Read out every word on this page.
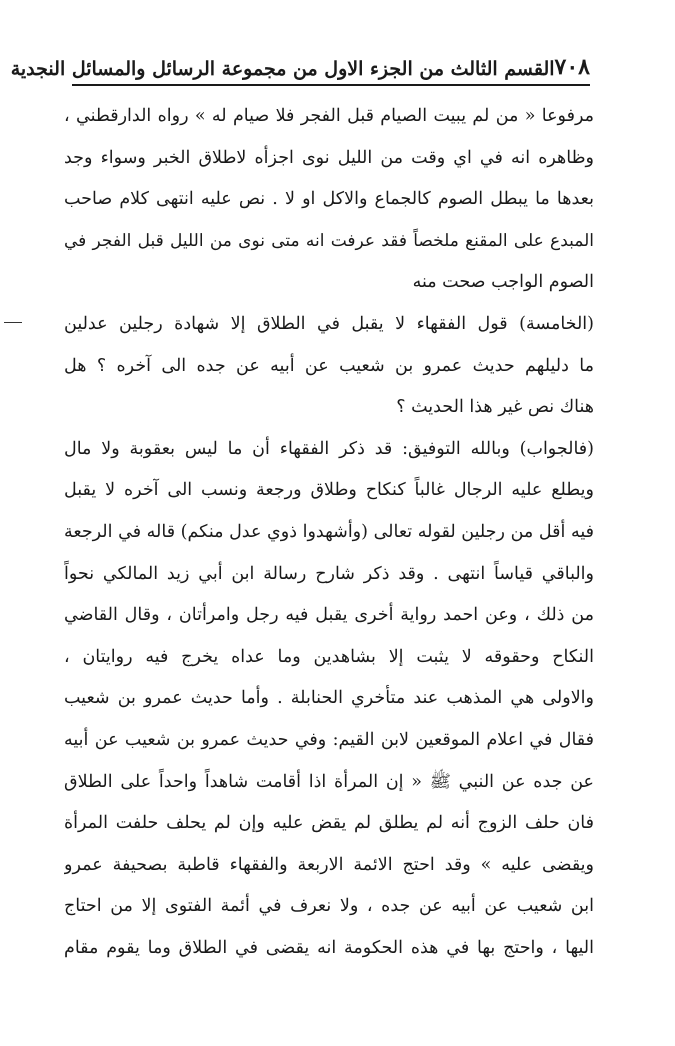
٧٠٨
القسم الثالث من الجزء الاول من مجموعة الرسائل والمسائل النجدية
مرفوعا « من لم يبيت الصيام قبل الفجر فلا صيام له » رواه الدارقطني ،
وظاهره انه في اي وقت من الليل نوى اجزأه لاطلاق الخبر وسواء وجد
بعدها ما يبطل الصوم كالجماع والاكل او لا . نص عليه انتهى كلام صاحب
المبدع على المقنع ملخصاً فقد عرفت انه متى نوى من الليل قبل الفجر في
الصوم الواجب صحت منه
(الخامسة) قول الفقهاء لا يقبل في الطلاق إلا شهادة رجلين عدلين
ما دليلهم حديث عمرو بن شعيب عن أبيه عن جده الى آخره ؟ هل
هناك نص غير هذا الحديث ؟
(فالجواب) وبالله التوفيق: قد ذكر الفقهاء أن ما ليس بعقوبة ولا مال
ويطلع عليه الرجال غالباً كنكاح وطلاق ورجعة ونسب الى آخره لا يقبل
فيه أقل من رجلين لقوله تعالى (وأشهدوا ذوي عدل منكم) قاله في الرجعة
والباقي قياساً انتهى . وقد ذكر شارح رسالة ابن أبي زيد المالكي نحواً
من ذلك ، وعن احمد رواية أخرى يقبل فيه رجل وامرأتان ، وقال القاضي
النكاح وحقوقه لا يثبت إلا بشاهدين وما عداه يخرج فيه روايتان ،
والاولى هي المذهب عند متأخري الحنابلة . وأما حديث عمرو بن شعيب
فقال في اعلام الموقعين لابن القيم: وفي حديث عمرو بن شعيب عن أبيه
عن جده عن النبي ﷺ « إن المرأة اذا أقامت شاهداً واحداً على الطلاق
فان حلف الزوج أنه لم يطلق لم يقض عليه وإن لم يحلف حلفت المرأة
ويقضى عليه » وقد احتج الائمة الاربعة والفقهاء قاطبة بصحيفة عمرو
ابن شعيب عن أبيه عن جده ، ولا نعرف في أئمة الفتوى إلا من احتاج
اليها ، واحتج بها في هذه الحكومة انه يقضى في الطلاق وما يقوم مقام
